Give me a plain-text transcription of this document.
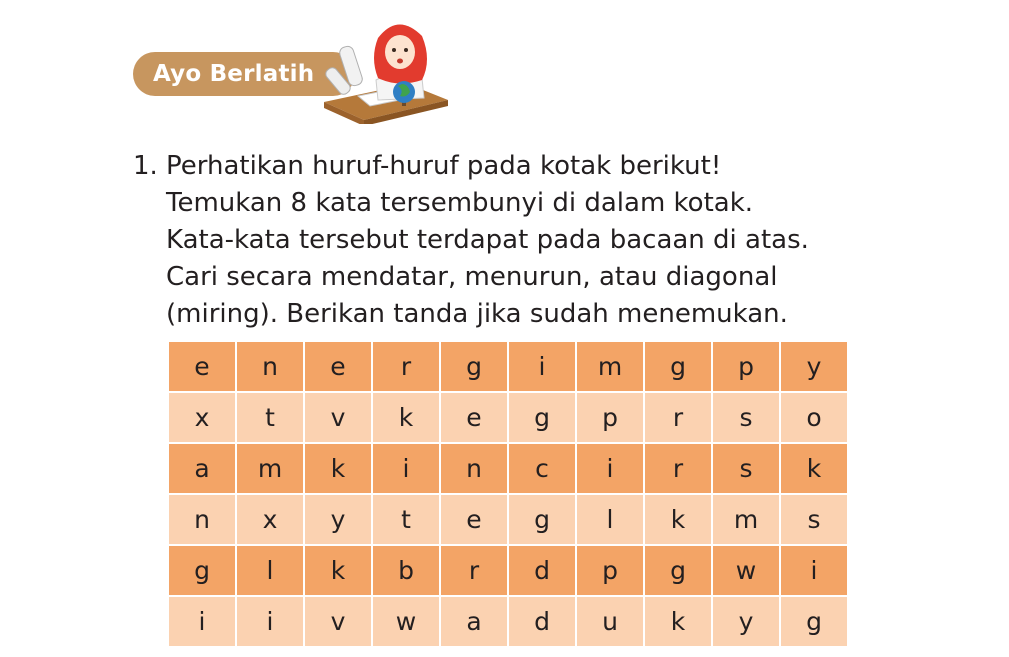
Ayo Berlatih
1. Perhatikan huruf-huruf pada kotak berikut!
Temukan 8 kata tersembunyi di dalam kotak.
Kata-kata tersebut terdapat pada bacaan di atas.
Cari secara mendatar, menurun, atau diagonal
(miring). Berikan tanda jika sudah menemukan.
e	n	e	r	g	i	m	g	p	y
x	t	v	k	e	g	p	r	s	o
a	m	k	i	n	c	i	r	s	k
n	x	y	t	e	g	l	k	m	s
g	l	k	b	r	d	p	g	w	i
i	i	v	w	a	d	u	k	y	g
